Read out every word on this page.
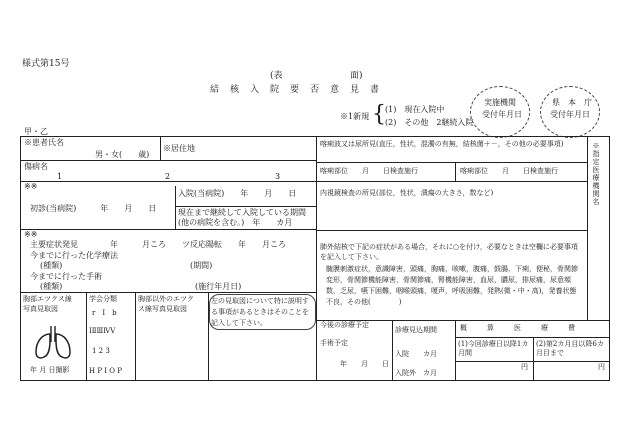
様式第15号
(表	面)
結　核　入　院　要　否　意　見　書
※1新規 { (1)　現在入院中
(2)　その他　2継続入院
実施機関
受付年月日
県　本　庁
受付年月日
甲・乙
※患者氏名
男・女(　　歳)
※居住地
傷病名
1	2	3
※※
入院(当病院)　　年　　月　　日
初診(当病院)　　　年　　月　　日	現在まで継続して入院している期間
(他の病院を含む。)　年　　カ月
※※
主要症状発見　　　　年　　　月ころ　　ツ反応陽転　　年　　月ころ
今までに行った化学療法
(種類)	(期間)
今までに行った手術
(種類)	(施行年月日)
胸部エツクス線
写真見取図
年 月 日撮影
学会分類
r　I　b
ⅠⅡⅢⅣⅤ
1 2 3
H P I O P
胸部以外のエツク
ス線写真見取図
左の見取図について特に説明する事項があるときはそのことを記入して下さい。
喀痢波又は尿所見(直圧，性状，混濁の有無，結核菌＋－，その他の必要事項)
喀痢部位　　月　　日検査施行	喀痢部位　　月　　日検査施行
内視鏡検査の所見(部位，性状，潰瘍の大きさ，数など)
肺外結核で下記の症状がある場合，それに○を付け，必要なときは空欄に必要事項を記入して下さい。
髄膜刺激症状，意識障害，頭痛，胸痛，咳嗽，腹痛，鼓腸，下痢，便秘，骨関節変形，骨関節機能障害，骨関節痛，腎機能障害，血尿，膿尿，排尿痛，尿意頻数，乏尿，嚥下困難，咽喉頭痛，嗄声，呼吸困難，発熱(微・中・高)，発養状態不良，その他(　　　　)
※指定医療機関名
今後の診療予定
手術予定
年　　月　　日
診療見込期間
入院　　カ月
入院外　カ月
概　　算　　医　　療　　費
(1)今回診療日以降1カ月間
(2)第2カ月目以降6カ月目まで
円	円
